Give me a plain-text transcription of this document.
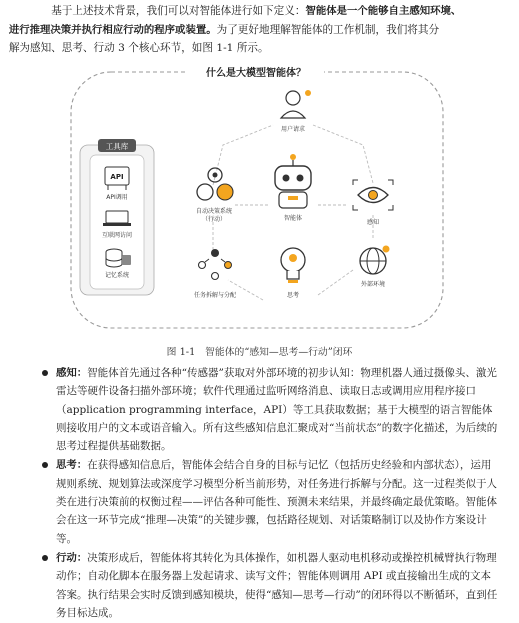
基于上述技术背景，我们可以对智能体进行如下定义：智能体是一个能够自主感知环境、
进行推理决策并执行相应行动的程序或装置。为了更好地理解智能体的工作机制，我们将其分
解为感知、思考、行动 3 个核心环节，如图 1-1 所示。
什么是大模型智能体？
工具库
API
API调用
互联网访问
记忆系统
用户请求
自动决策系统
（行动）	智能体
感知
任务拆解与分配	思考
外部环境
图 1-1　智能体的“感知—思考—行动”闭环
感知：智能体首先通过各种“传感器”获取对外部环境的初步认知：物理机器人通过摄像头、激光雷达等硬件设备扫描外部环境；软件代理通过监听网络消息、读取日志或调用应用程序接口（application programming interface，API）等工具获取数据；基于大模型的语言智能体则接收用户的文本或语音输入。所有这些感知信息汇聚成对“当前状态”的数字化描述，为后续的思考过程提供基础数据。
思考：在获得感知信息后，智能体会结合自身的目标与记忆（包括历史经验和内部状态），运用规则系统、规划算法或深度学习模型分析当前形势，对任务进行拆解与分配。这一过程类似于人类在进行决策前的权衡过程——评估各种可能性、预测未来结果，并最终确定最优策略。智能体会在这一环节完成“推理—决策”的关键步骤，包括路径规划、对话策略制订以及协作方案设计等。
行动：决策形成后，智能体将其转化为具体操作，如机器人驱动电机移动或操控机械臂执行物理动作；自动化脚本在服务器上发起请求、读写文件；智能体则调用 API 或直接输出生成的文本答案。执行结果会实时反馈到感知模块，使得“感知—思考—行动”的闭环得以不断循环，直到任务目标达成。
